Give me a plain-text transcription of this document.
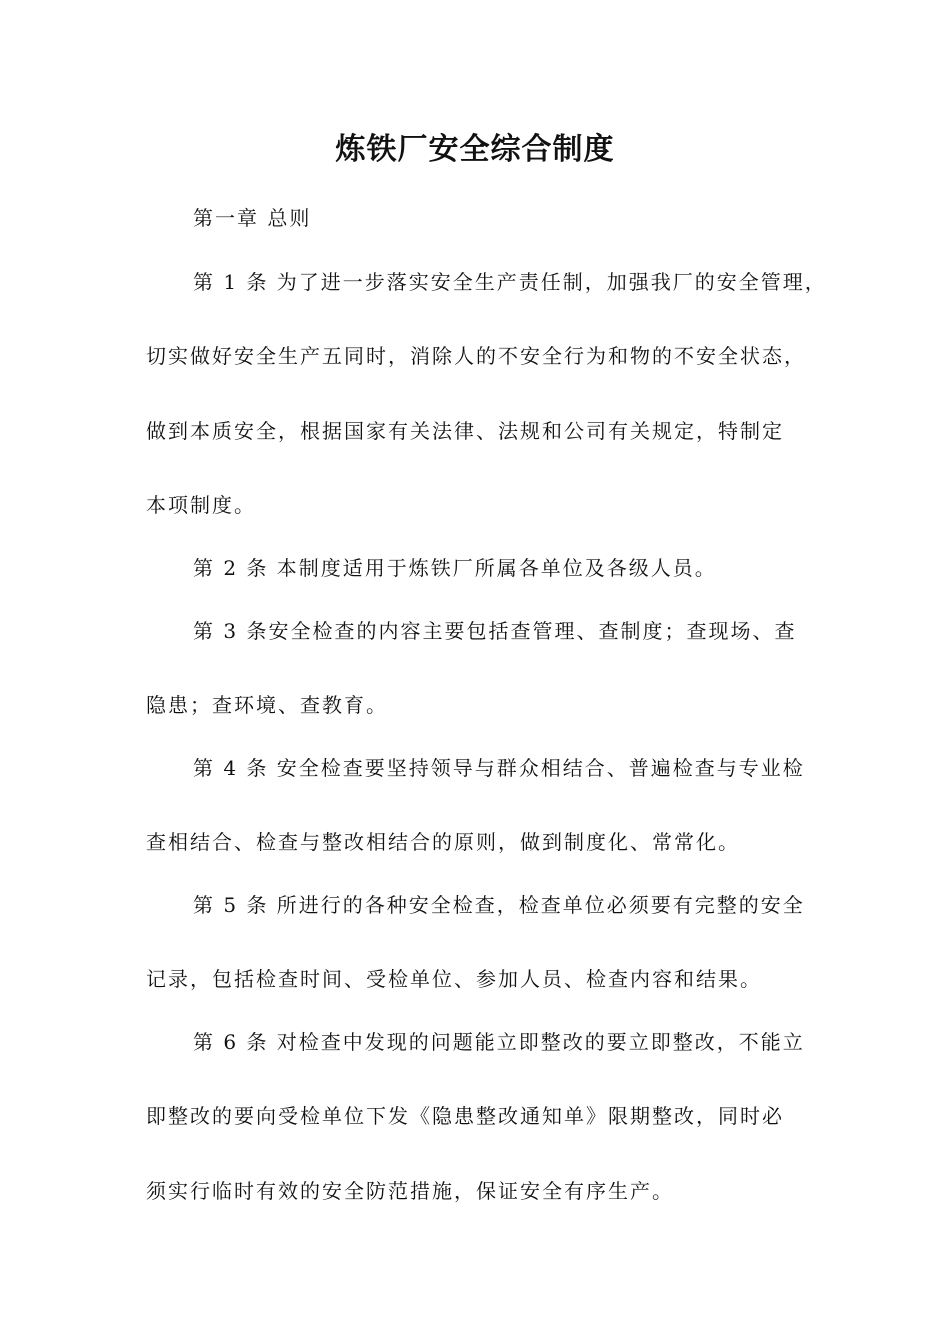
炼铁厂安全综合制度

第一章 总则

第 1 条 为了进一步落实安全生产责任制，加强我厂的安全管理，

切实做好安全生产五同时，消除人的不安全行为和物的不安全状态，

做到本质安全，根据国家有关法律、法规和公司有关规定，特制定

本项制度。

第 2 条 本制度适用于炼铁厂所属各单位及各级人员。

第 3 条安全检查的内容主要包括查管理、查制度；查现场、查

隐患；查环境、查教育。

第 4 条 安全检查要坚持领导与群众相结合、普遍检查与专业检

查相结合、检查与整改相结合的原则，做到制度化、常常化。

第 5 条 所进行的各种安全检查，检查单位必须要有完整的安全

记录，包括检查时间、受检单位、参加人员、检查内容和结果。

第 6 条 对检查中发现的问题能立即整改的要立即整改，不能立

即整改的要向受检单位下发《隐患整改通知单》限期整改，同时必

须实行临时有效的安全防范措施，保证安全有序生产。
